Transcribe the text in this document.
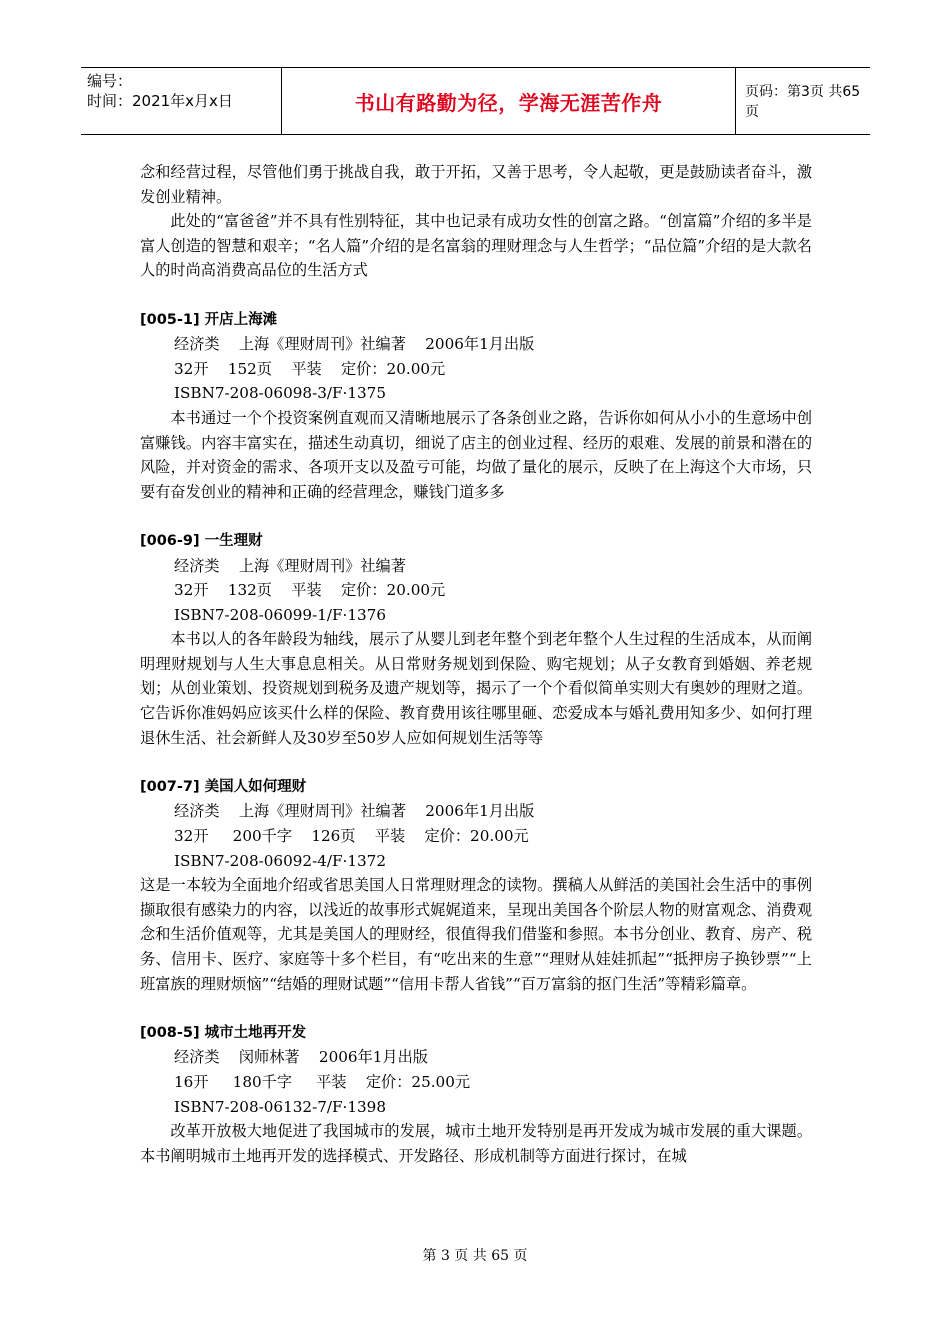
编号：
时间：2021年x月x日	书山有路勤为径，学海无涯苦作舟	页码：第3页 共65页

念和经营过程，尽管他们勇于挑战自我，敢于开拓，又善于思考，令人起敬，更是鼓励读者奋斗，激发创业精神。

此处的“富爸爸”并不具有性别特征，其中也记录有成功女性的创富之路。“创富篇”介绍的多半是富人创造的智慧和艰辛；“名人篇”介绍的是名富翁的理财理念与人生哲学；“品位篇”介绍的是大款名人的时尚高消费高品位的生活方式

[005-1] 开店上海滩

经济类    上海《理财周刊》社编著    2006年1月出版

32开    152页    平装    定价：20.00元

ISBN7-208-06098-3/F·1375

本书通过一个个投资案例直观而又清晰地展示了各条创业之路，告诉你如何从小小的生意场中创富赚钱。内容丰富实在，描述生动真切，细说了店主的创业过程、经历的艰难、发展的前景和潜在的风险，并对资金的需求、各项开支以及盈亏可能，均做了量化的展示，反映了在上海这个大市场，只要有奋发创业的精神和正确的经营理念，赚钱门道多多

[006-9] 一生理财

经济类    上海《理财周刊》社编著

32开    132页    平装    定价：20.00元

ISBN7-208-06099-1/F·1376

本书以人的各年龄段为轴线，展示了从婴儿到老年整个到老年整个人生过程的生活成本，从而阐明理财规划与人生大事息息相关。从日常财务规划到保险、购宅规划；从子女教育到婚姻、养老规划；从创业策划、投资规划到税务及遗产规划等，揭示了一个个看似简单实则大有奥妙的理财之道。它告诉你准妈妈应该买什么样的保险、教育费用该往哪里砸、恋爱成本与婚礼费用知多少、如何打理退休生活、社会新鲜人及30岁至50岁人应如何规划生活等等

[007-7] 美国人如何理财

经济类    上海《理财周刊》社编著    2006年1月出版

32开     200千字    126页    平装    定价：20.00元

ISBN7-208-06092-4/F·1372

这是一本较为全面地介绍或省思美国人日常理财理念的读物。撰稿人从鲜活的美国社会生活中的事例撷取很有感染力的内容，以浅近的故事形式娓娓道来，呈现出美国各个阶层人物的财富观念、消费观念和生活价值观等，尤其是美国人的理财经，很值得我们借鉴和参照。本书分创业、教育、房产、税务、信用卡、医疗、家庭等十多个栏目，有“吃出来的生意”“理财从娃娃抓起”“抵押房子换钞票”“上班富族的理财烦恼”“结婚的理财试题”“信用卡帮人省钱”“百万富翁的抠门生活”等精彩篇章。

[008-5] 城市土地再开发

经济类    闵师林著    2006年1月出版

16开     180千字     平装    定价：25.00元

ISBN7-208-06132-7/F·1398

改革开放极大地促进了我国城市的发展，城市土地开发特别是再开发成为城市发展的重大课题。本书阐明城市土地再开发的选择模式、开发路径、形成机制等方面进行探讨，在城

第 3 页 共 65 页
